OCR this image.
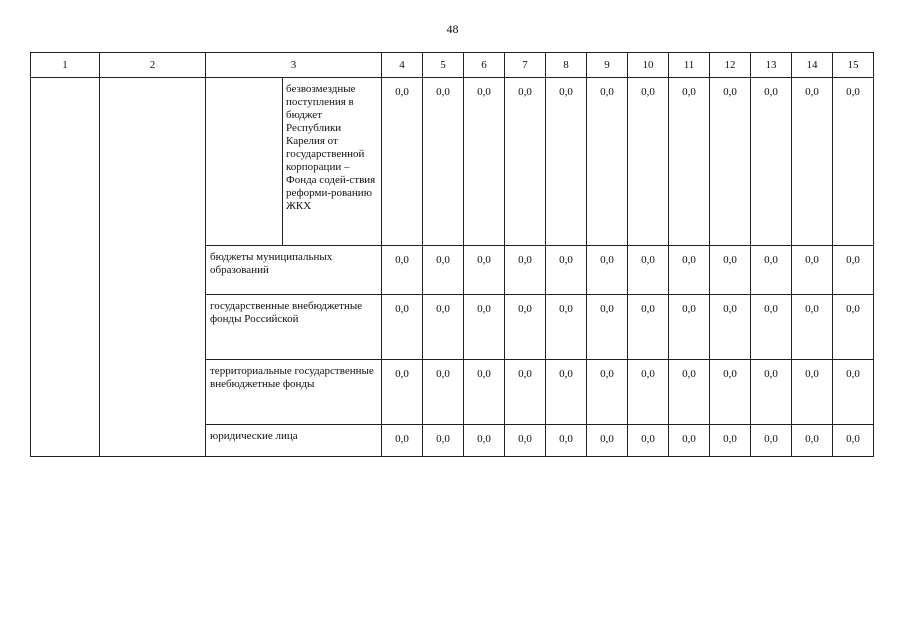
48
1	2	3		4	5	6	7	8	9	10	11	12	13	14	15
			безвозмездные поступления в бюджет Республики Карелия от государственной корпорации – Фонда содей-ствия реформи-рованию ЖКХ	0,0	0,0	0,0	0,0	0,0	0,0	0,0	0,0	0,0	0,0	0,0	0,0
		бюджеты муниципальных образований		0,0	0,0	0,0	0,0	0,0	0,0	0,0	0,0	0,0	0,0	0,0	0,0
		государственные внебюджетные фонды Российской		0,0	0,0	0,0	0,0	0,0	0,0	0,0	0,0	0,0	0,0	0,0	0,0
		территориальные государственные внебюджетные фонды		0,0	0,0	0,0	0,0	0,0	0,0	0,0	0,0	0,0	0,0	0,0	0,0
		юридические лица		0,0	0,0	0,0	0,0	0,0	0,0	0,0	0,0	0,0	0,0	0,0	0,0
